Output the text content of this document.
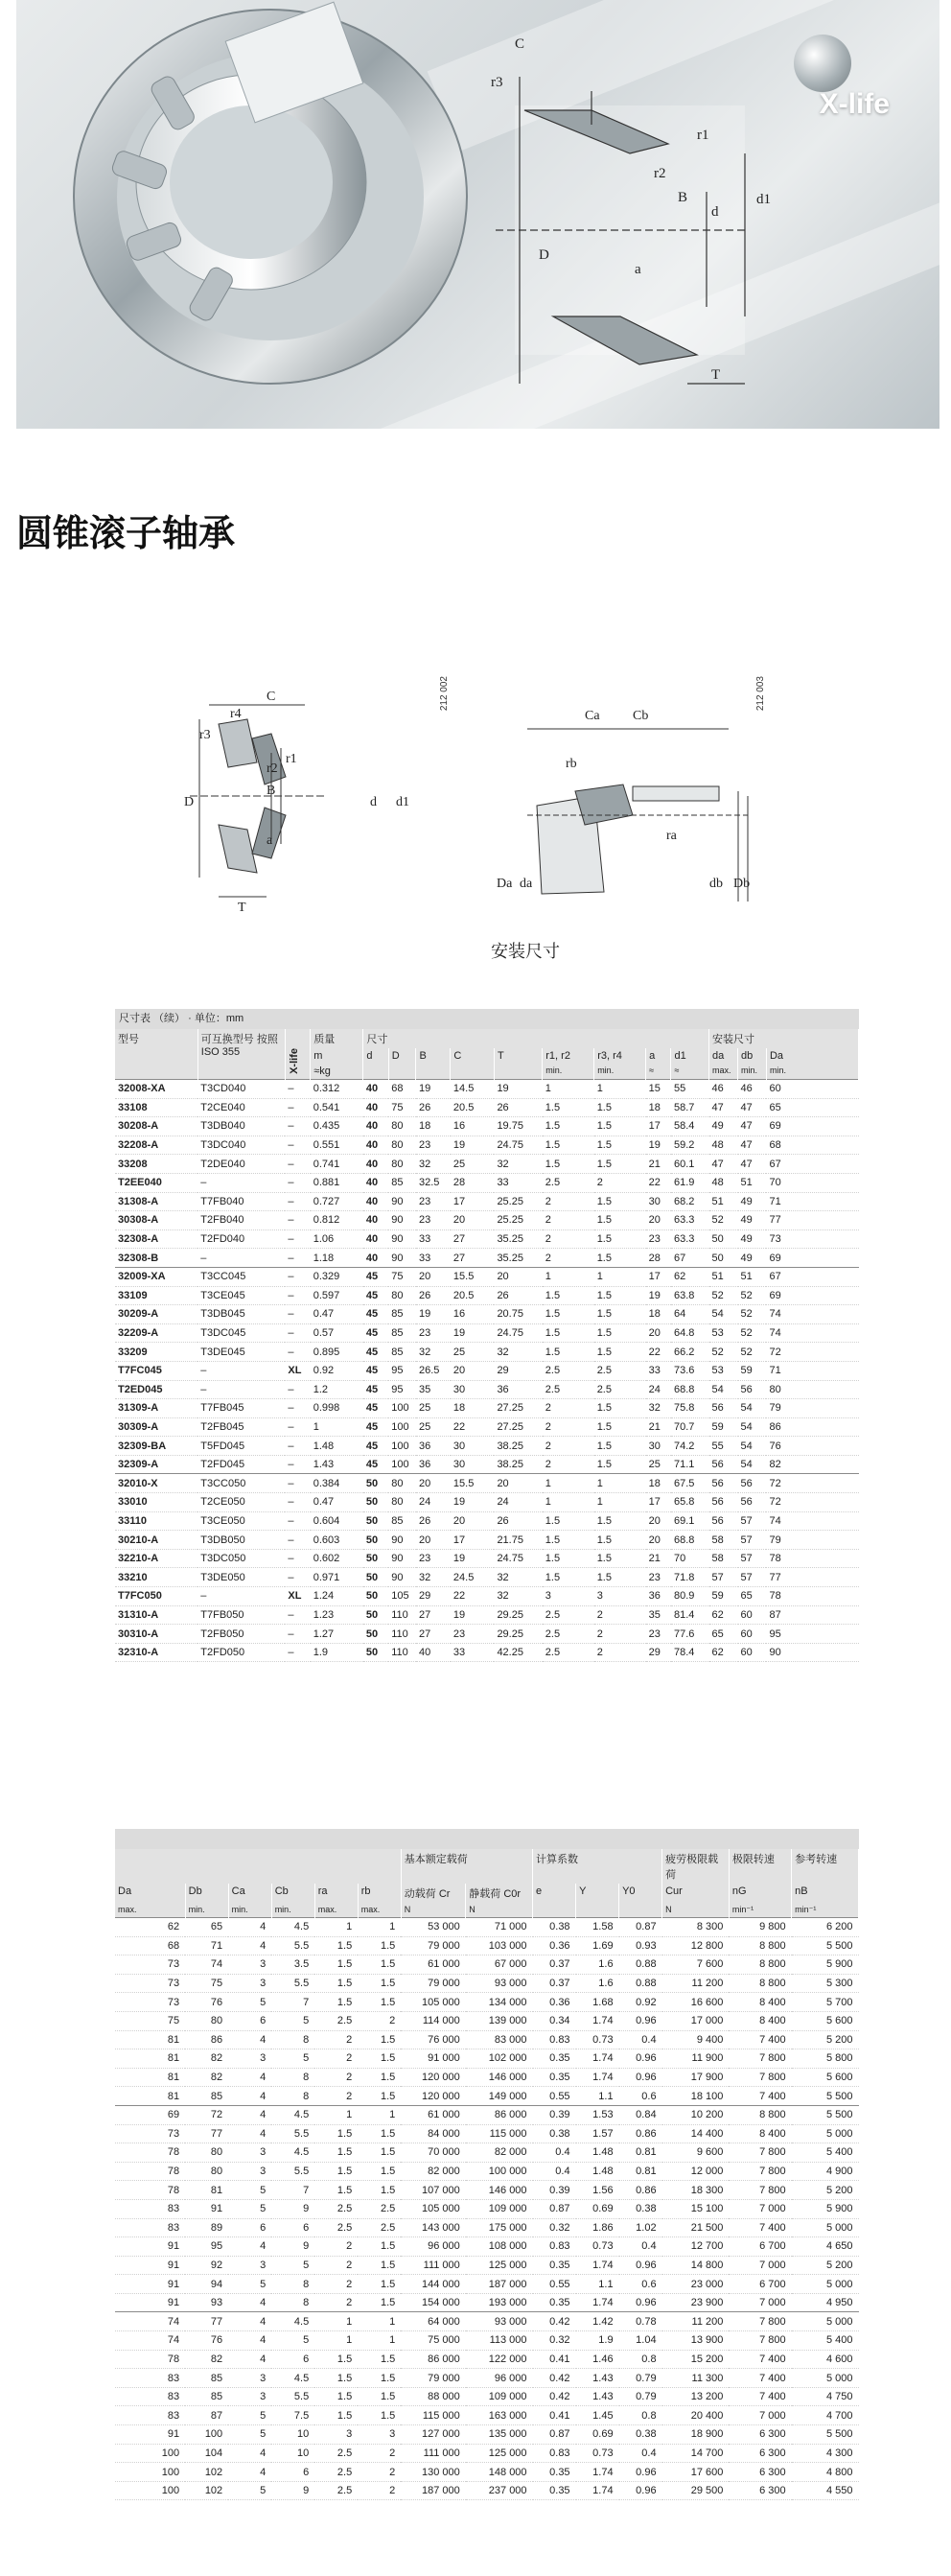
C
r3
r1
r2
B
d
d1
D
a
T
X-life
圆锥滚子轴承
C
r4
r3
r1
r2
B
D	d d1
a
T
212 002
Ca Cb
rb
ra
Da da	db Db
212 003
安装尺寸
尺寸表 （续） · 单位：mm
型号	可互换型号 按照 ISO 355	X-life	质量	尺寸									安装尺寸		
			m	d	D	B	C	T	r1, r2	r3, r4	a	d1	da	db	Da
			≈kg						min.	min.	≈	≈	max.	min.	min.
32008-XA	T3CD040	–	0.312	40	68	19	14.5	19	1	1	15	55	46	46	60
33108	T2CE040	–	0.541	40	75	26	20.5	26	1.5	1.5	18	58.7	47	47	65
30208-A	T3DB040	–	0.435	40	80	18	16	19.75	1.5	1.5	17	58.4	49	47	69
32208-A	T3DC040	–	0.551	40	80	23	19	24.75	1.5	1.5	19	59.2	48	47	68
33208	T2DE040	–	0.741	40	80	32	25	32	1.5	1.5	21	60.1	47	47	67
T2EE040	–	–	0.881	40	85	32.5	28	33	2.5	2	22	61.9	48	51	70
31308-A	T7FB040	–	0.727	40	90	23	17	25.25	2	1.5	30	68.2	51	49	71
30308-A	T2FB040	–	0.812	40	90	23	20	25.25	2	1.5	20	63.3	52	49	77
32308-A	T2FD040	–	1.06	40	90	33	27	35.25	2	1.5	23	63.3	50	49	73
32308-B	–	–	1.18	40	90	33	27	35.25	2	1.5	28	67	50	49	69
32009-XA	T3CC045	–	0.329	45	75	20	15.5	20	1	1	17	62	51	51	67
33109	T3CE045	–	0.597	45	80	26	20.5	26	1.5	1.5	19	63.8	52	52	69
30209-A	T3DB045	–	0.47	45	85	19	16	20.75	1.5	1.5	18	64	54	52	74
32209-A	T3DC045	–	0.57	45	85	23	19	24.75	1.5	1.5	20	64.8	53	52	74
33209	T3DE045	–	0.895	45	85	32	25	32	1.5	1.5	22	66.2	52	52	72
T7FC045	–	XL	0.92	45	95	26.5	20	29	2.5	2.5	33	73.6	53	59	71
T2ED045	–	–	1.2	45	95	35	30	36	2.5	2.5	24	68.8	54	56	80
31309-A	T7FB045	–	0.998	45	100	25	18	27.25	2	1.5	32	75.8	56	54	79
30309-A	T2FB045	–	1	45	100	25	22	27.25	2	1.5	21	70.7	59	54	86
32309-BA	T5FD045	–	1.48	45	100	36	30	38.25	2	1.5	30	74.2	55	54	76
32309-A	T2FD045	–	1.43	45	100	36	30	38.25	2	1.5	25	71.1	56	54	82
32010-X	T3CC050	–	0.384	50	80	20	15.5	20	1	1	18	67.5	56	56	72
33010	T2CE050	–	0.47	50	80	24	19	24	1	1	17	65.8	56	56	72
33110	T3CE050	–	0.604	50	85	26	20	26	1.5	1.5	20	69.1	56	57	74
30210-A	T3DB050	–	0.603	50	90	20	17	21.75	1.5	1.5	20	68.8	58	57	79
32210-A	T3DC050	–	0.602	50	90	23	19	24.75	1.5	1.5	21	70	58	57	78
33210	T3DE050	–	0.971	50	90	32	24.5	32	1.5	1.5	23	71.8	57	57	77
T7FC050	–	XL	1.24	50	105	29	22	32	3	3	36	80.9	59	65	78
31310-A	T7FB050	–	1.23	50	110	27	19	29.25	2.5	2	35	81.4	62	60	87
30310-A	T2FB050	–	1.27	50	110	27	23	29.25	2.5	2	23	77.6	65	60	95
32310-A	T2FD050	–	1.9	50	110	40	33	42.25	2.5	2	29	78.4	62	60	90
						基本额定载荷		计算系数			疲劳极限载荷	极限转速	参考转速
Da	Db	Ca	Cb	ra	rb	动载荷 Cr	静载荷 C0r	e	Y	Y0	Cur	nG	nB
max.	min.	min.	min.	max.	max.	N	N				N	min⁻¹	min⁻¹
62	65	4	4.5	1	1	53 000	71 000	0.38	1.58	0.87	8 300	9 800	6 200
68	71	4	5.5	1.5	1.5	79 000	103 000	0.36	1.69	0.93	12 800	8 800	5 500
73	74	3	3.5	1.5	1.5	61 000	67 000	0.37	1.6	0.88	7 600	8 800	5 900
73	75	3	5.5	1.5	1.5	79 000	93 000	0.37	1.6	0.88	11 200	8 800	5 300
73	76	5	7	1.5	1.5	105 000	134 000	0.36	1.68	0.92	16 600	8 400	5 700
75	80	6	5	2.5	2	114 000	139 000	0.34	1.74	0.96	17 000	8 400	5 600
81	86	4	8	2	1.5	76 000	83 000	0.83	0.73	0.4	9 400	7 400	5 200
81	82	3	5	2	1.5	91 000	102 000	0.35	1.74	0.96	11 900	7 800	5 800
81	82	4	8	2	1.5	120 000	146 000	0.35	1.74	0.96	17 900	7 800	5 600
81	85	4	8	2	1.5	120 000	149 000	0.55	1.1	0.6	18 100	7 400	5 500
69	72	4	4.5	1	1	61 000	86 000	0.39	1.53	0.84	10 200	8 800	5 500
73	77	4	5.5	1.5	1.5	84 000	115 000	0.38	1.57	0.86	14 400	8 400	5 000
78	80	3	4.5	1.5	1.5	70 000	82 000	0.4	1.48	0.81	9 600	7 800	5 400
78	80	3	5.5	1.5	1.5	82 000	100 000	0.4	1.48	0.81	12 000	7 800	4 900
78	81	5	7	1.5	1.5	107 000	146 000	0.39	1.56	0.86	18 300	7 800	5 200
83	91	5	9	2.5	2.5	105 000	109 000	0.87	0.69	0.38	15 100	7 000	5 900
83	89	6	6	2.5	2.5	143 000	175 000	0.32	1.86	1.02	21 500	7 400	5 000
91	95	4	9	2	1.5	96 000	108 000	0.83	0.73	0.4	12 700	6 700	4 650
91	92	3	5	2	1.5	111 000	125 000	0.35	1.74	0.96	14 800	7 000	5 200
91	94	5	8	2	1.5	144 000	187 000	0.55	1.1	0.6	23 000	6 700	5 000
91	93	4	8	2	1.5	154 000	193 000	0.35	1.74	0.96	23 900	7 000	4 950
74	77	4	4.5	1	1	64 000	93 000	0.42	1.42	0.78	11 200	7 800	5 000
74	76	4	5	1	1	75 000	113 000	0.32	1.9	1.04	13 900	7 800	5 400
78	82	4	6	1.5	1.5	86 000	122 000	0.41	1.46	0.8	15 200	7 400	4 600
83	85	3	4.5	1.5	1.5	79 000	96 000	0.42	1.43	0.79	11 300	7 400	5 000
83	85	3	5.5	1.5	1.5	88 000	109 000	0.42	1.43	0.79	13 200	7 400	4 750
83	87	5	7.5	1.5	1.5	115 000	163 000	0.41	1.45	0.8	20 400	7 000	4 700
91	100	5	10	3	3	127 000	135 000	0.87	0.69	0.38	18 900	6 300	5 500
100	104	4	10	2.5	2	111 000	125 000	0.83	0.73	0.4	14 700	6 300	4 300
100	102	4	6	2.5	2	130 000	148 000	0.35	1.74	0.96	17 600	6 300	4 800
100	102	5	9	2.5	2	187 000	237 000	0.35	1.74	0.96	29 500	6 300	4 550
